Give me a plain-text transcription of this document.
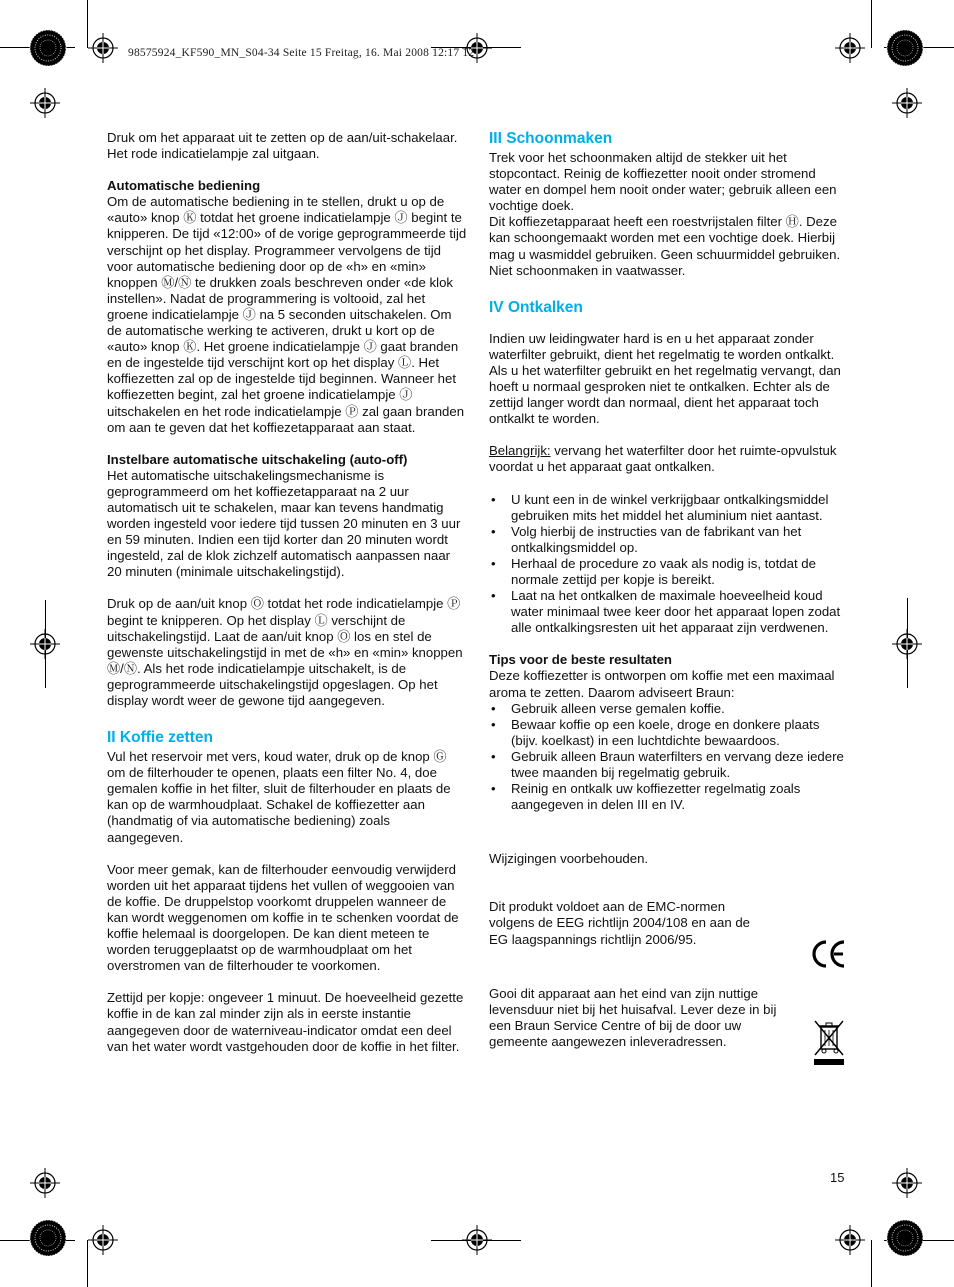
98575924_KF590_MN_S04-34 Seite 15 Freitag, 16. Mai 2008 12:17 12

Druk om het apparaat uit te zetten op de aan/uit-schakelaar. Het rode indicatielampje zal uitgaan.

Automatische bediening

Om de automatische bediening in te stellen, drukt u op de «auto» knop Ⓚ totdat het groene indicatielampje Ⓙ begint te knipperen. De tijd «12:00» of de vorige geprogrammeerde tijd verschijnt op het display. Programmeer vervolgens de tijd voor automatische bediening door op de «h» en «min» knoppen Ⓜ/Ⓝ te drukken zoals beschreven onder «de klok instellen». Nadat de programmering is voltooid, zal het groene indicatielampje Ⓙ na 5 seconden uitschakelen. Om de automatische werking te activeren, drukt u kort op de «auto» knop Ⓚ. Het groene indicatielampje Ⓙ gaat branden en de ingestelde tijd verschijnt kort op het display Ⓛ. Het koffiezetten zal op de ingestelde tijd beginnen. Wanneer het koffiezetten begint, zal het groene indicatielampje Ⓙ uitschakelen en het rode indicatielampje Ⓟ zal gaan branden om aan te geven dat het koffiezetapparaat aan staat.

Instelbare automatische uitschakeling (auto-off)

Het automatische uitschakelingsmechanisme is geprogrammeerd om het koffiezetapparaat na 2 uur automatisch uit te schakelen, maar kan tevens handmatig worden ingesteld voor iedere tijd tussen 20 minuten en 3 uur en 59 minuten. Indien een tijd korter dan 20 minuten wordt ingesteld, zal de klok zichzelf automatisch aanpassen naar 20 minuten (minimale uitschakelingstijd).

Druk op de aan/uit knop Ⓞ totdat het rode indicatielampje Ⓟ begint te knipperen. Op het display Ⓛ verschijnt de uitschakelingstijd. Laat de aan/uit knop Ⓞ los en stel de gewenste uitschakelingstijd in met de «h» en «min» knoppen Ⓜ/Ⓝ. Als het rode indicatielampje uitschakelt, is de geprogrammeerde uitschakelingstijd opgeslagen. Op het display wordt weer de gewone tijd aangegeven.

II Koffie zetten

Vul het reservoir met vers, koud water, druk op de knop Ⓖ om de filterhouder te openen, plaats een filter No. 4, doe gemalen koffie in het filter, sluit de filterhouder en plaats de kan op de warmhoudplaat. Schakel de koffiezetter aan (handmatig of via automatische bediening) zoals aangegeven.

Voor meer gemak, kan de filterhouder eenvoudig verwijderd worden uit het apparaat tijdens het vullen of weggooien van de koffie. De druppelstop voorkomt druppelen wanneer de kan wordt weggenomen om koffie in te schenken voordat de koffie helemaal is doorgelopen. De kan dient meteen te worden teruggeplaatst op de warmhoudplaat om het overstromen van de filterhouder te voorkomen.

Zettijd per kopje: ongeveer 1 minuut. De hoeveelheid gezette koffie in de kan zal minder zijn als in eerste instantie aangegeven door de waterniveau-indicator omdat een deel van het water wordt vastgehouden door de koffie in het filter.

III Schoonmaken

Trek voor het schoonmaken altijd de stekker uit het stopcontact. Reinig de koffiezetter nooit onder stromend water en dompel hem nooit onder water; gebruik alleen een vochtige doek.

Dit koffiezetapparaat heeft een roestvrijstalen filter Ⓗ. Deze kan schoongemaakt worden met een vochtige doek. Hierbij mag u wasmiddel gebruiken. Geen schuurmiddel gebruiken. Niet schoonmaken in vaatwasser.

IV Ontkalken

Indien uw leidingwater hard is en u het apparaat zonder waterfilter gebruikt, dient het regelmatig te worden ontkalkt. Als u het waterfilter gebruikt en het regelmatig vervangt, dan hoeft u normaal gesproken niet te ontkalken. Echter als de zettijd langer wordt dan normaal, dient het apparaat toch ontkalkt te worden.

Belangrijk: vervang het waterfilter door het ruimte-opvulstuk voordat u het apparaat gaat ontkalken.

• U kunt een in de winkel verkrijgbaar ontkalkingsmiddel gebruiken mits het middel het aluminium niet aantast.
• Volg hierbij de instructies van de fabrikant van het ontkalkingsmiddel op.
• Herhaal de procedure zo vaak als nodig is, totdat de normale zettijd per kopje is bereikt.
• Laat na het ontkalken de maximale hoeveelheid koud water minimaal twee keer door het apparaat lopen zodat alle ontkalkingsresten uit het apparaat zijn verdwenen.

Tips voor de beste resultaten

Deze koffiezetter is ontworpen om koffie met een maximaal aroma te zetten. Daarom adviseert Braun:

• Gebruik alleen verse gemalen koffie.
• Bewaar koffie op een koele, droge en donkere plaats (bijv. koelkast) in een luchtdichte bewaardoos.
• Gebruik alleen Braun waterfilters en vervang deze iedere twee maanden bij regelmatig gebruik.
• Reinig en ontkalk uw koffiezetter regelmatig zoals aangegeven in delen III en IV.

Wijzigingen voorbehouden.

Dit produkt voldoet aan de EMC-normen volgens de EEG richtlijn 2004/108 en aan de EG laagspannings richtlijn 2006/95.

Gooi dit apparaat aan het eind van zijn nuttige levensduur niet bij het huisafval. Lever deze in bij een Braun Service Centre of bij de door uw gemeente aangewezen inleveradressen.

15
